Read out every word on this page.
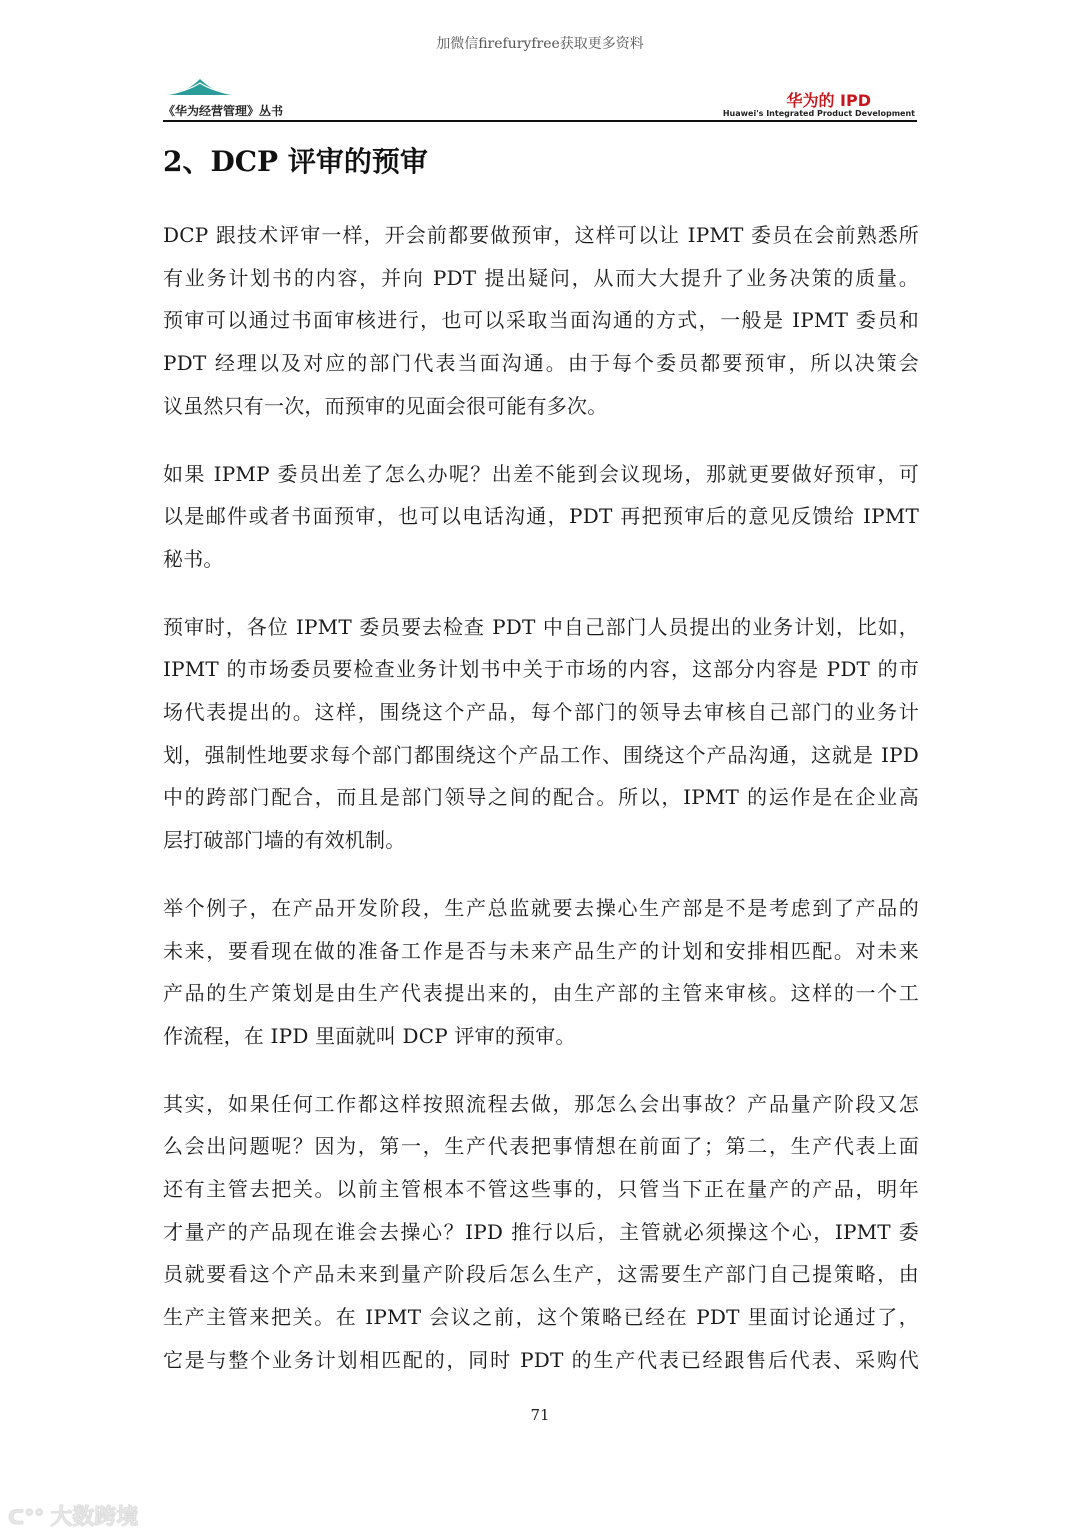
加微信firefuryfree获取更多资料
《华为经营管理》丛书
华为的 IPD
Huawei's Integrated Product Development
2、DCP 评审的预审

DCP 跟技术评审一样，开会前都要做预审，这样可以让 IPMT 委员在会前熟悉所
有业务计划书的内容，并向 PDT 提出疑问，从而大大提升了业务决策的质量。
预审可以通过书面审核进行，也可以采取当面沟通的方式，一般是 IPMT 委员和
PDT 经理以及对应的部门代表当面沟通。由于每个委员都要预审，所以决策会
议虽然只有一次，而预审的见面会很可能有多次。

如果 IPMP 委员出差了怎么办呢？出差不能到会议现场，那就更要做好预审，可
以是邮件或者书面预审，也可以电话沟通，PDT 再把预审后的意见反馈给 IPMT
秘书。

预审时，各位 IPMT 委员要去检查 PDT 中自己部门人员提出的业务计划，比如，
IPMT 的市场委员要检查业务计划书中关于市场的内容，这部分内容是 PDT 的市
场代表提出的。这样，围绕这个产品，每个部门的领导去审核自己部门的业务计
划，强制性地要求每个部门都围绕这个产品工作、围绕这个产品沟通，这就是 IPD
中的跨部门配合，而且是部门领导之间的配合。所以，IPMT 的运作是在企业高
层打破部门墙的有效机制。

举个例子，在产品开发阶段，生产总监就要去操心生产部是不是考虑到了产品的
未来，要看现在做的准备工作是否与未来产品生产的计划和安排相匹配。对未来
产品的生产策划是由生产代表提出来的，由生产部的主管来审核。这样的一个工
作流程，在 IPD 里面就叫 DCP 评审的预审。

其实，如果任何工作都这样按照流程去做，那怎么会出事故？产品量产阶段又怎
么会出问题呢？因为，第一，生产代表把事情想在前面了；第二，生产代表上面
还有主管去把关。以前主管根本不管这些事的，只管当下正在量产的产品，明年
才量产的产品现在谁会去操心？IPD 推行以后，主管就必须操这个心，IPMT 委
员就要看这个产品未来到量产阶段后怎么生产，这需要生产部门自己提策略，由
生产主管来把关。在 IPMT 会议之前，这个策略已经在 PDT 里面讨论通过了，
它是与整个业务计划相匹配的，同时 PDT 的生产代表已经跟售后代表、采购代

71
ᑕ°° 大数跨境
